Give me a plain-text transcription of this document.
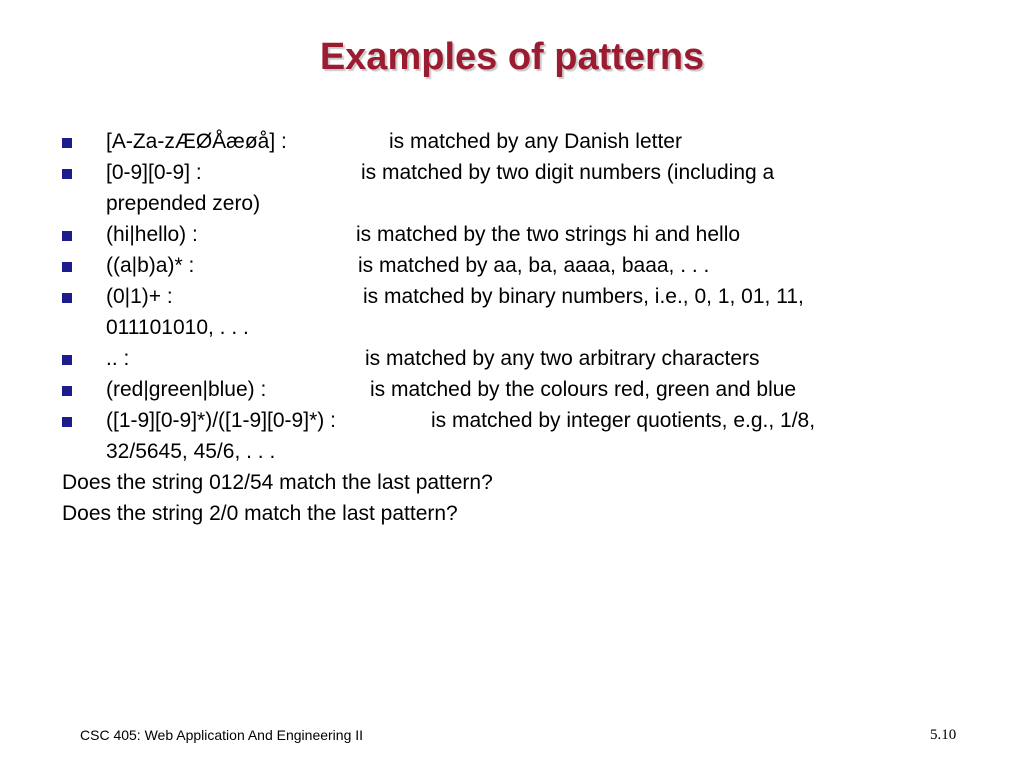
Examples of patterns
[A-Za-zÆØÅæøå] :	is matched by any Danish letter
[0-9][0-9] :	is matched by two digit numbers (including a
prepended zero)
(hi|hello) :	is matched by the two strings hi and hello
((a|b)a)* :	is matched by aa, ba, aaaa, baaa, . . .
(0|1)+ :	is matched by binary numbers, i.e., 0, 1, 01, 11,
011101010, . . .
.. :	is matched by any two arbitrary characters
(red|green|blue) :	is matched by the colours red, green and blue
([1-9][0-9]*)/([1-9][0-9]*) :	is matched by integer quotients, e.g., 1/8,
32/5645, 45/6, . . .
Does the string 012/54 match the last pattern?
Does the string 2/0 match the last pattern?
CSC 405: Web Application And Engineering II	5.10
